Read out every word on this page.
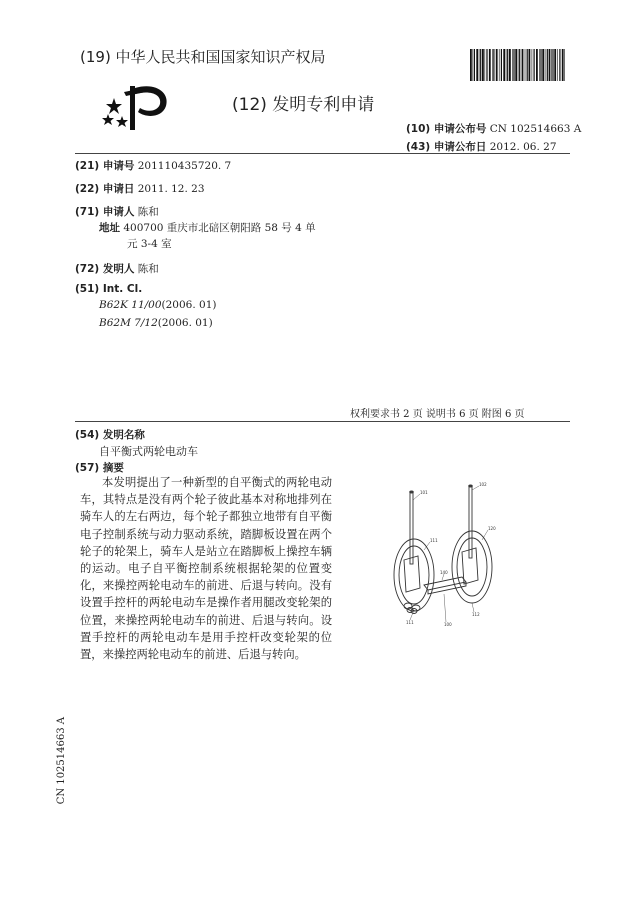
(19) 中华人民共和国国家知识产权局
(12) 发明专利申请
(10) 申请公布号 CN 102514663 A
(43) 申请公布日 2012. 06. 27
(21) 申请号 201110435720. 7
(22) 申请日 2011. 12. 23
(71) 申请人 陈和
地址 400700 重庆市北碚区朝阳路 58 号 4 单
元 3-4 室
(72) 发明人 陈和
(51) Int. Cl.
B62K 11/00(2006. 01)
B62M 7/12(2006. 01)
权利要求书 2 页 说明书 6 页 附图 6 页
(54) 发明名称
自平衡式两轮电动车
(57) 摘要
本发明提出了一种新型的自平衡式的两轮电动车，其特点是没有两个轮子彼此基本对称地排列在骑车人的左右两边，每个轮子都独立地带有自平衡电子控制系统与动力驱动系统，踏脚板设置在两个轮子的轮架上，骑车人是站立在踏脚板上操控车辆的运动。电子自平衡控制系统根据轮架的位置变化，来操控两轮电动车的前进、后退与转向。没有设置手控杆的两轮电动车是操作者用腿改变轮架的位置，来操控两轮电动车的前进、后退与转向。设置手控杆的两轮电动车是用手控杆改变轮架的位置，来操控两轮电动车的前进、后退与转向。
101
102
120
111
140
111
112
100
CN 102514663 A
